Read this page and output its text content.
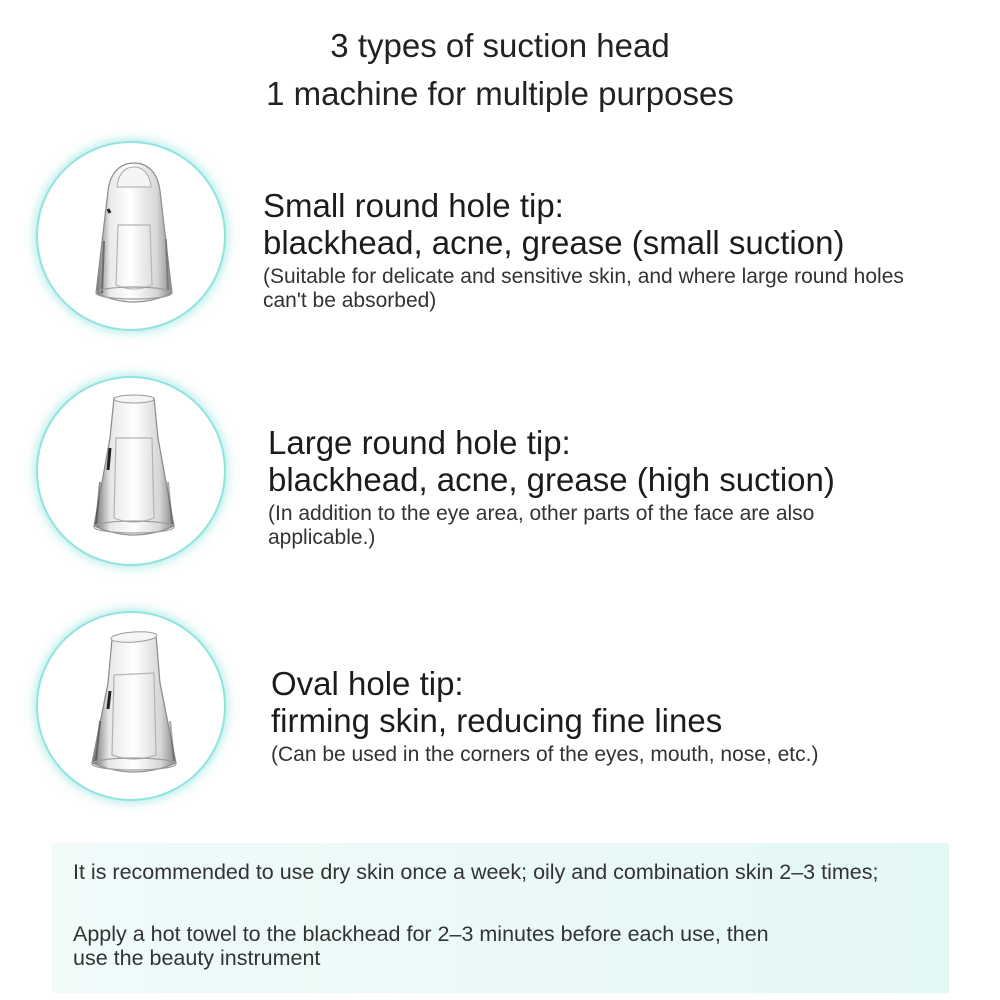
3 types of suction head
1 machine for multiple purposes
Small round hole tip:
blackhead, acne, grease (small suction)
(Suitable for delicate and sensitive skin, and where large round holes can't be absorbed)
Large round hole tip:
blackhead, acne, grease (high suction)
(In addition to the eye area, other parts of the face are also applicable.)
Oval hole tip:
firming skin, reducing fine lines
(Can be used in the corners of the eyes, mouth, nose, etc.)

It is recommended to use dry skin once a week; oily and combination skin 2–3 times;

Apply a hot towel to the blackhead for 2–3 minutes before each use, then use the beauty instrument
